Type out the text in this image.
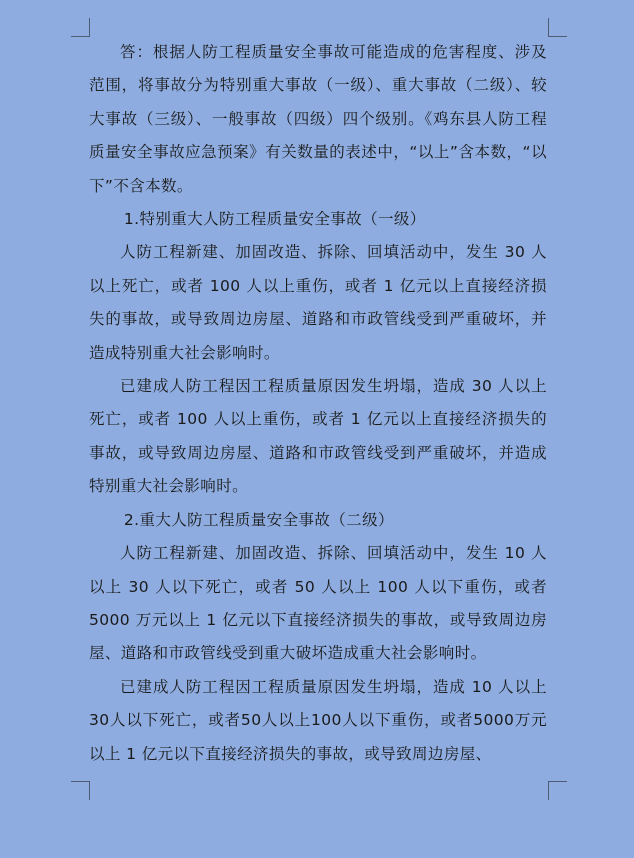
答：根据人防工程质量安全事故可能造成的危害程度、涉及范围，将事故分为特别重大事故（一级）、重大事故（二级）、较大事故（三级）、一般事故（四级）四个级别。《鸡东县人防工程质量安全事故应急预案》有关数量的表述中，“以上”含本数，“以下”不含本数。

1.特别重大人防工程质量安全事故（一级）

人防工程新建、加固改造、拆除、回填活动中，发生 30 人以上死亡，或者 100 人以上重伤，或者 1 亿元以上直接经济损失的事故，或导致周边房屋、道路和市政管线受到严重破坏，并造成特别重大社会影响时。

已建成人防工程因工程质量原因发生坍塌，造成 30 人以上死亡，或者 100 人以上重伤，或者 1 亿元以上直接经济损失的事故，或导致周边房屋、道路和市政管线受到严重破坏，并造成特别重大社会影响时。

2.重大人防工程质量安全事故（二级）

人防工程新建、加固改造、拆除、回填活动中，发生 10 人以上 30 人以下死亡，或者 50 人以上 100 人以下重伤，或者 5000 万元以上 1 亿元以下直接经济损失的事故，或导致周边房屋、道路和市政管线受到重大破坏造成重大社会影响时。

已建成人防工程因工程质量原因发生坍塌，造成 10 人以上30人以下死亡，或者50人以上100人以下重伤，或者5000万元以上 1 亿元以下直接经济损失的事故，或导致周边房屋、
